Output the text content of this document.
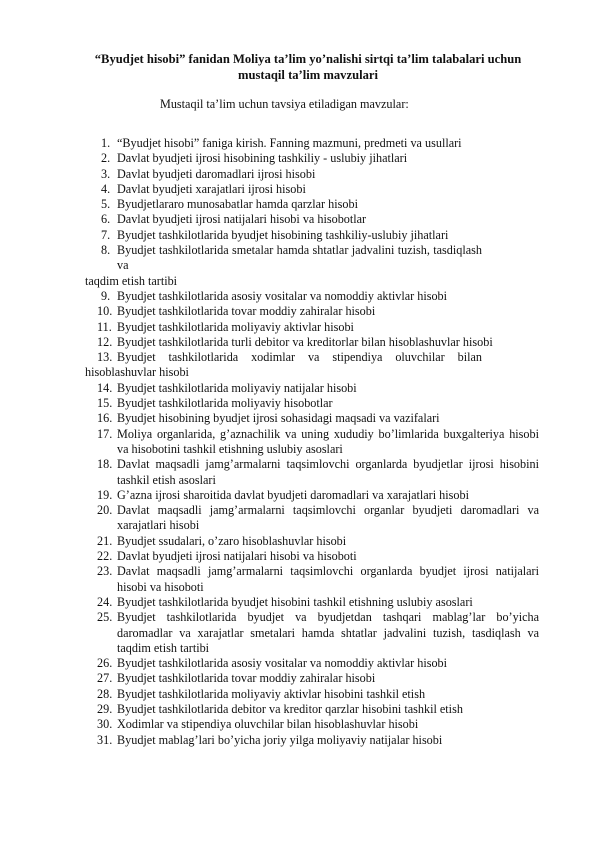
“Byudjet hisobi” fanidan Moliya ta’lim yo’nalishi sirtqi ta’lim talabalari uchun mustaqil ta’lim mavzulari
Mustaqil ta’lim uchun tavsiya etiladigan mavzular:
1. “Byudjet hisobi” faniga kirish. Fanning mazmuni, predmeti va usullari
2. Davlat byudjeti ijrosi hisobining tashkiliy - uslubiy jihatlari
3. Davlat byudjeti daromadlari ijrosi hisobi
4. Davlat byudjeti xarajatlari ijrosi hisobi
5. Byudjetlararo munosabatlar hamda qarzlar hisobi
6. Davlat byudjeti ijrosi natijalari hisobi va hisobotlar
7. Byudjet tashkilotlarida byudjet hisobining tashkiliy-uslubiy jihatlari
8. Byudjet tashkilotlarida smetalar hamda shtatlar jadvalini tuzish, tasdiqlash va
taqdim etish tartibi
9. Byudjet tashkilotlarida asosiy vositalar va nomoddiy aktivlar hisobi
10. Byudjet tashkilotlarida tovar moddiy zahiralar hisobi
11. Byudjet tashkilotlarida moliyaviy aktivlar hisobi
12. Byudjet tashkilotlarida turli debitor va kreditorlar bilan hisoblashuvlar hisobi
13. Byudjet tashkilotlarida xodimlar va stipendiya oluvchilar bilan
hisoblashuvlar hisobi
14. Byudjet tashkilotlarida moliyaviy natijalar hisobi
15. Byudjet tashkilotlarida moliyaviy hisobotlar
16. Byudjet hisobining byudjet ijrosi sohasidagi maqsadi va vazifalari
17. Moliya organlarida, g’aznachilik va uning xududiy bo’limlarida buxgalteriya hisobi va hisobotini tashkil etishning uslubiy asoslari
18. Davlat maqsadli jamg’armalarni taqsimlovchi organlarda byudjetlar ijrosi hisobini tashkil etish asoslari
19. G’azna ijrosi sharoitida davlat byudjeti daromadlari va xarajatlari hisobi
20. Davlat maqsadli jamg’armalarni taqsimlovchi organlar byudjeti daromadlari va xarajatlari hisobi
21. Byudjet ssudalari, o’zaro hisoblashuvlar hisobi
22. Davlat byudjeti ijrosi natijalari hisobi va hisoboti
23. Davlat maqsadli jamg’armalarni taqsimlovchi organlarda byudjet ijrosi natijalari hisobi va hisoboti
24. Byudjet tashkilotlarida byudjet hisobini tashkil etishning uslubiy asoslari
25. Byudjet tashkilotlarida byudjet va byudjetdan tashqari mablag’lar bo’yicha daromadlar va xarajatlar smetalari hamda shtatlar jadvalini tuzish, tasdiqlash va taqdim etish tartibi
26. Byudjet tashkilotlarida asosiy vositalar va nomoddiy aktivlar hisobi
27. Byudjet tashkilotlarida tovar moddiy zahiralar hisobi
28. Byudjet tashkilotlarida moliyaviy aktivlar hisobini tashkil etish
29. Byudjet tashkilotlarida debitor va kreditor qarzlar hisobini tashkil etish
30. Xodimlar va stipendiya oluvchilar bilan hisoblashuvlar hisobi
31. Byudjet mablag’lari bo’yicha joriy yilga moliyaviy natijalar hisobi
